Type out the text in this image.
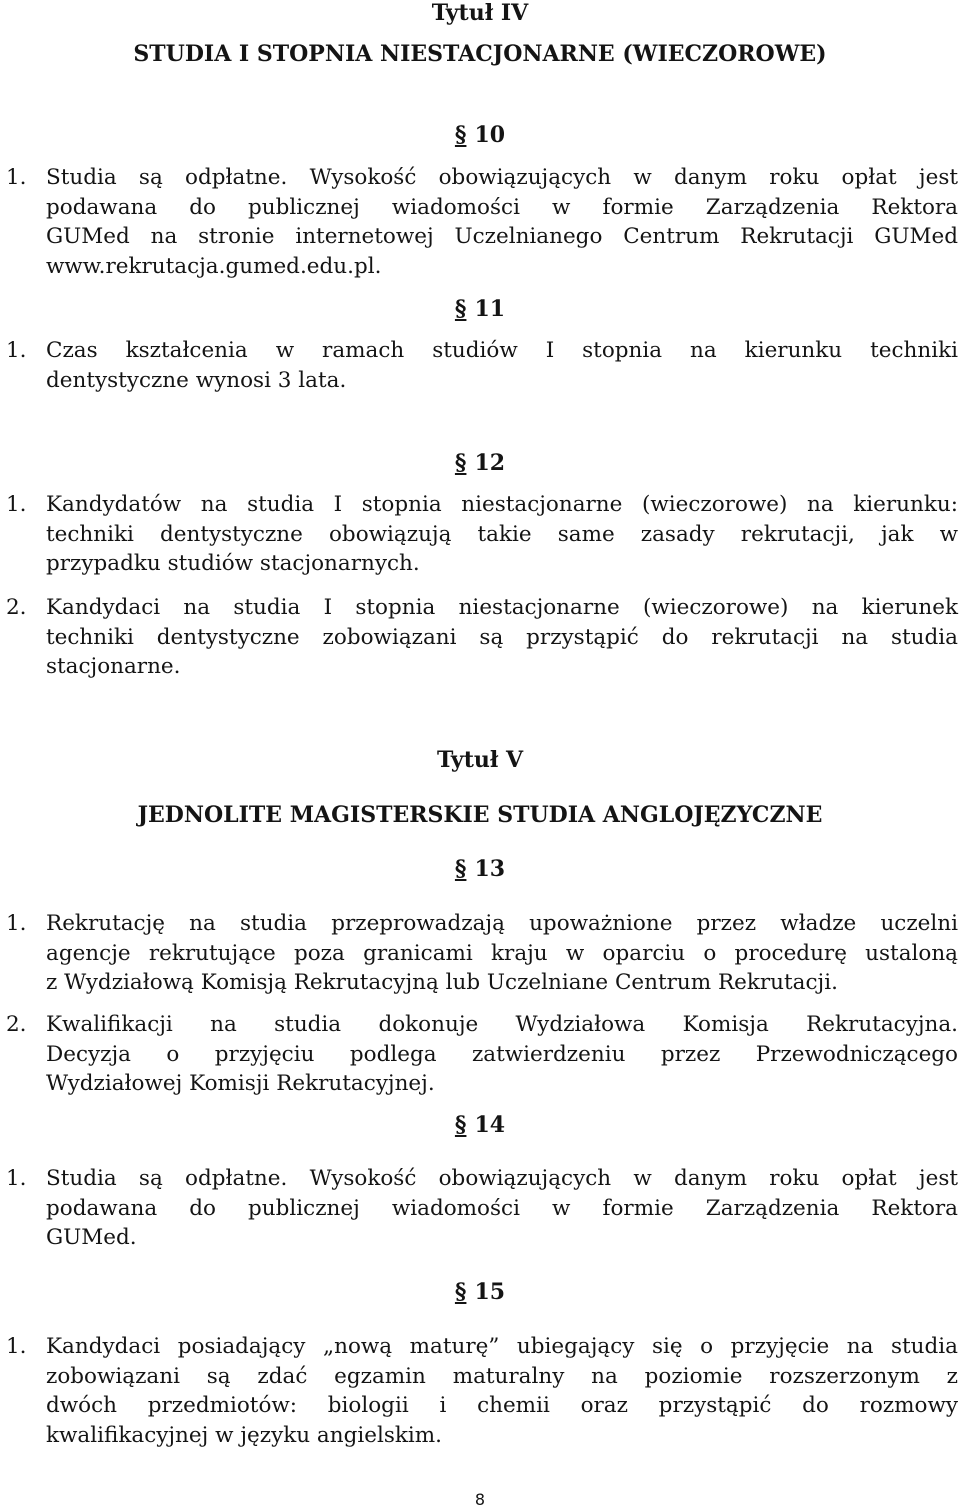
Tytuł IV
STUDIA I STOPNIA NIESTACJONARNE (WIECZOROWE)
§ 10
1. Studia są odpłatne. Wysokość obowiązujących w danym roku opłat jest
podawana do publicznej wiadomości w formie Zarządzenia Rektora
GUMed na stronie internetowej Uczelnianego Centrum Rekrutacji GUMed
www.rekrutacja.gumed.edu.pl.
§ 11
1. Czas kształcenia w ramach studiów I stopnia na kierunku techniki
dentystyczne wynosi 3 lata.
§ 12
1. Kandydatów na studia I stopnia niestacjonarne (wieczorowe) na kierunku:
techniki dentystyczne obowiązują takie same zasady rekrutacji, jak w
przypadku studiów stacjonarnych.
2. Kandydaci na studia I stopnia niestacjonarne (wieczorowe) na kierunek
techniki dentystyczne zobowiązani są przystąpić do rekrutacji na studia
stacjonarne.
Tytuł V
JEDNOLITE MAGISTERSKIE STUDIA ANGLOJĘZYCZNE
§ 13
1. Rekrutację na studia przeprowadzają upoważnione przez władze uczelni
agencje rekrutujące poza granicami kraju w oparciu o procedurę ustaloną
z Wydziałową Komisją Rekrutacyjną lub Uczelniane Centrum Rekrutacji.
2. Kwalifikacji na studia dokonuje Wydziałowa Komisja Rekrutacyjna.
Decyzja o przyjęciu podlega zatwierdzeniu przez Przewodniczącego
Wydziałowej Komisji Rekrutacyjnej.
§ 14
1. Studia są odpłatne. Wysokość obowiązujących w danym roku opłat jest
podawana do publicznej wiadomości w formie Zarządzenia Rektora
GUMed.
§ 15
1. Kandydaci posiadający „nową maturę” ubiegający się o przyjęcie na studia
zobowiązani są zdać egzamin maturalny na poziomie rozszerzonym z
dwóch przedmiotów: biologii i chemii oraz przystąpić do rozmowy
kwalifikacyjnej w języku angielskim.
8
